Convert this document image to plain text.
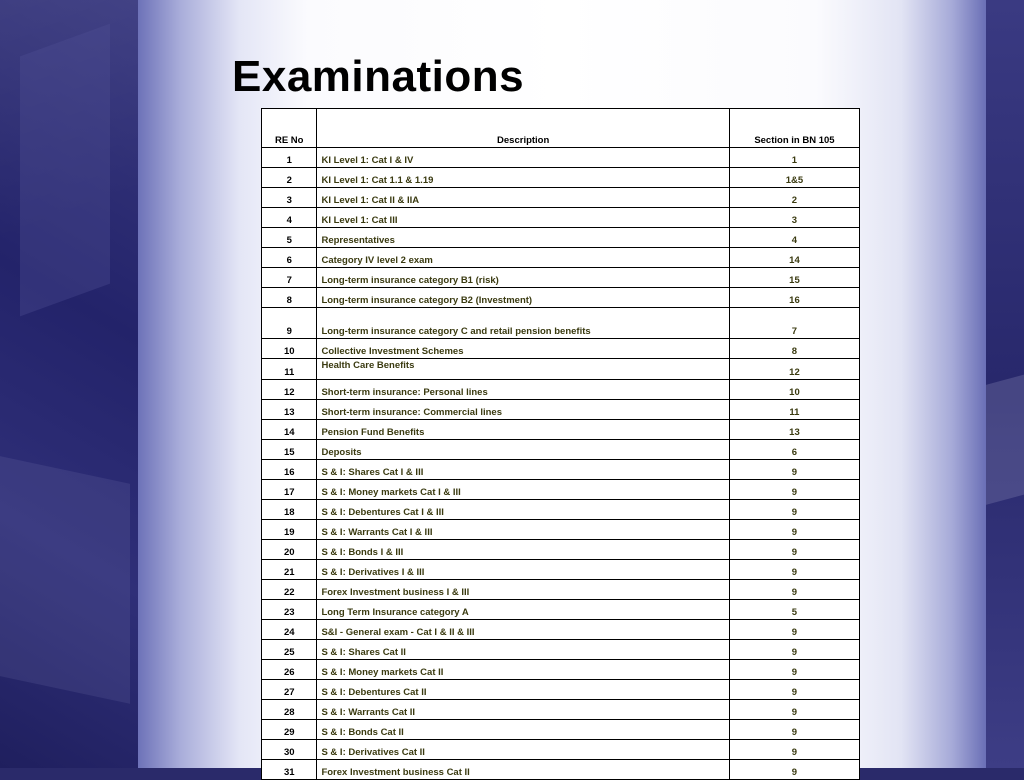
Examinations
RE No	Description	Section in BN 105
1	KI Level 1: Cat I & IV	1
2	KI Level 1: Cat 1.1 & 1.19	1&5
3	KI Level 1: Cat II & IIA	2
4	KI Level 1: Cat III	3
5	Representatives	4
6	Category IV level 2 exam	14
7	Long-term insurance category B1 (risk)	15
8	Long-term insurance category B2 (Investment)	16
9	Long-term insurance category C and retail pension benefits	7
10	Collective Investment Schemes	8
11	Health Care Benefits	12
12	Short-term insurance: Personal lines	10
13	Short-term insurance: Commercial lines	11
14	Pension Fund Benefits	13
15	Deposits	6
16	S & I: Shares Cat I & III	9
17	S & I: Money markets Cat I & III	9
18	S & I: Debentures Cat I & III	9
19	S & I: Warrants Cat I & III	9
20	S & I: Bonds I & III	9
21	S & I: Derivatives I & III	9
22	Forex Investment business I & III	9
23	Long Term Insurance category A	5
24	S&I - General exam - Cat I & II & III	9
25	S & I: Shares Cat II	9
26	S & I: Money markets Cat II	9
27	S & I: Debentures Cat II	9
28	S & I: Warrants Cat II	9
29	S & I: Bonds Cat II	9
30	S & I: Derivatives Cat II	9
31	Forex Investment business Cat II	9
